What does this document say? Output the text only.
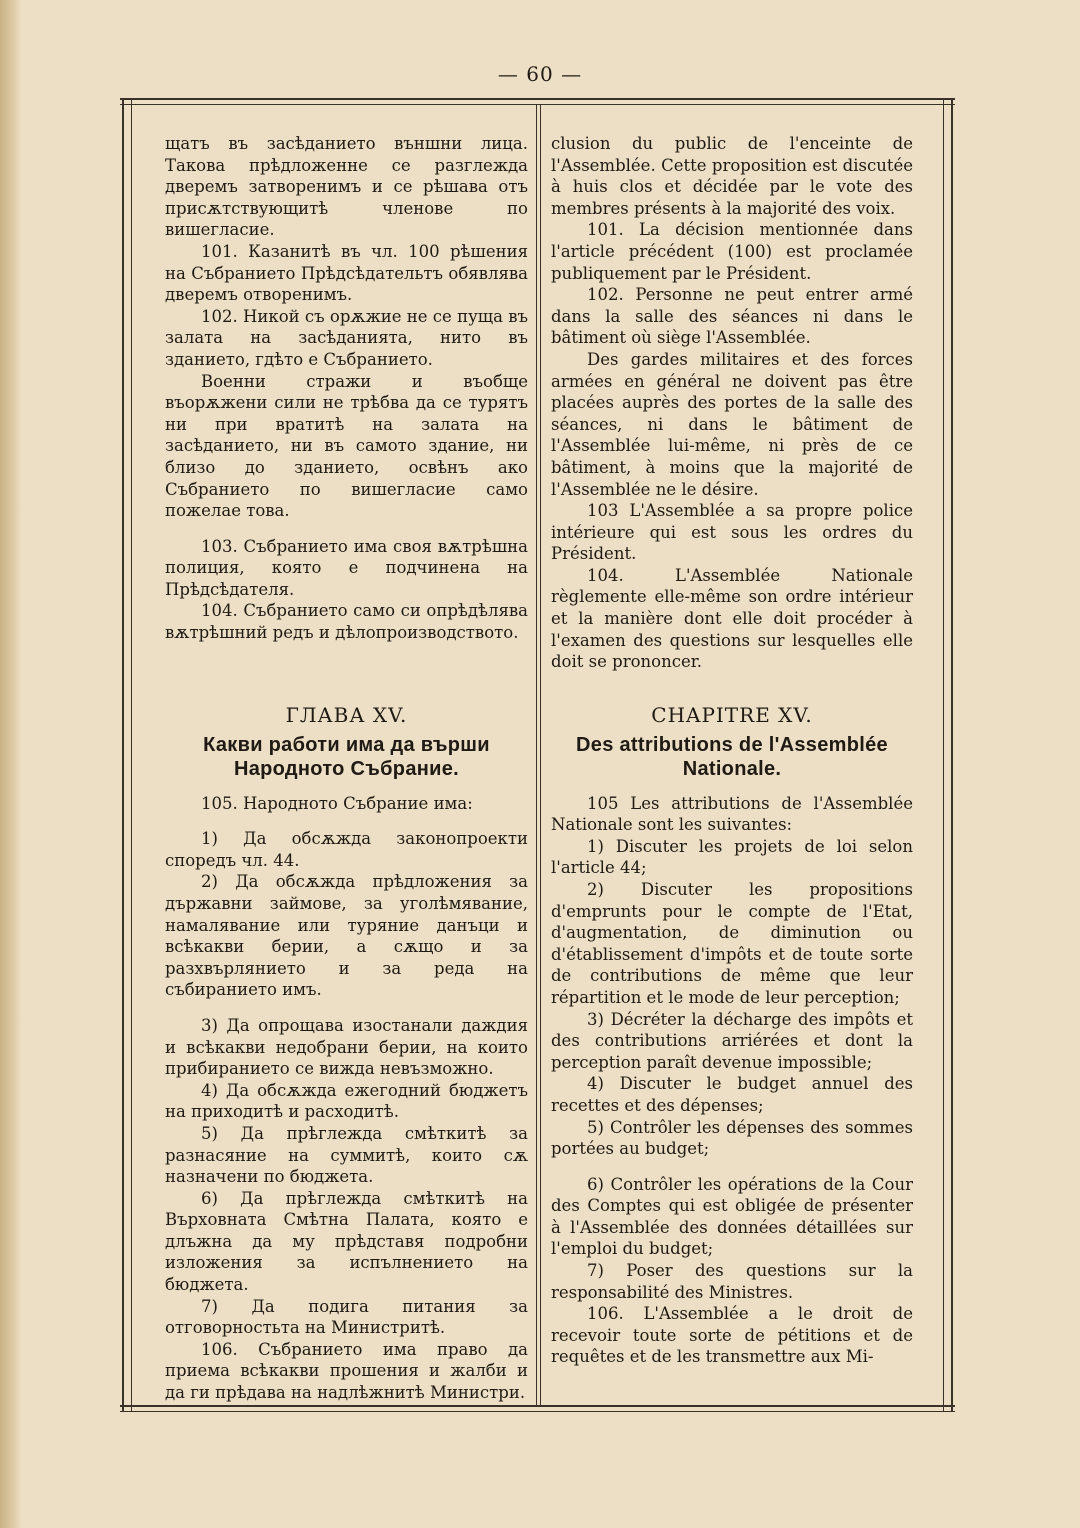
— 60 —

щатъ въ засѣданието външни лица. Такова прѣдложенне се разглежда дверемъ затворенимъ и се рѣшава отъ присѫтствующитѣ членове по вишегласие.

101. Казанитѣ въ чл. 100 рѣшения на Събранието Прѣдсѣдательтъ обявлява дверемъ отворенимъ.

102. Никой съ орѫжие не се пуща въ залата на засѣданията, нито въ зданието, гдѣто е Събранието.

Военни стражи и въобще въорѫжени сили не трѣбва да се турятъ ни при вратитѣ на залата на засѣданието, ни въ самото здание, ни близо до зданието, освѣнъ ако Събранието по вишегласие само пожелае това.

103. Събранието има своя вѫтрѣшна полиция, която е подчинена на Прѣдсѣдателя.

104. Събранието само си опрѣдѣлява вѫтрѣшний редъ и дѣлопроизводството.

clusion du public de l'enceinte de l'Assemblée. Cette proposition est discutée à huis clos et décidée par le vote des membres présents à la majorité des voix.

101. La décision mentionnée dans l'article précédent (100) est proclamée publiquement par le Président.

102. Personne ne peut entrer armé dans la salle des séances ni dans le bâtiment où siège l'Assemblée.

Des gardes militaires et des forces armées en général ne doivent pas être placées auprès des portes de la salle des séances, ni dans le bâtiment de l'Assemblée lui-même, ni près de ce bâtiment, à moins que la majorité de l'Assemblée ne le désire.

103 L'Assemblée a sa propre police intérieure qui est sous les ordres du Président.

104. L'Assemblée Nationale règlemente elle-même son ordre intérieur et la manière dont elle doit procéder à l'examen des questions sur lesquelles elle doit se prononcer.

ГЛАВА XV.
Какви работи има да върши Народното Събрание.

105. Народното Събрание има:

1) Да обсѫжда законопроекти споредъ чл. 44.

2) Да обсѫжда прѣдложения за държавни займове, за уголѣмявание, намалявание или туряние данъци и всѣкакви берии, а сѫщо и за разхвърлянието и за реда на събиранието имъ.

3) Да опрощава изостанали даждия и всѣкакви недобрани берии, на които прибиранието се вижда невъзможно.

4) Да обсѫжда ежегодний бюджетъ на приходитѣ и расходитѣ.

5) Да прѣглежда смѣткитѣ за разнасяние на суммитѣ, които сѫ назначени по бюджета.

6) Да прѣглежда смѣткитѣ на Върховната Смѣтна Палата, която е длъжна да му прѣдставя подробни изложения за испълнението на бюджета.

7) Да подига питания за отговорностьта на Министритѣ.

106. Събранието има право да приема всѣкакви прошения и жалби и да ги прѣдава на надлѣжнитѣ Министри.

CHAPITRE XV.
Des attributions de l'Assemblée Nationale.

105 Les attributions de l'Assemblée Nationale sont les suivantes:

1) Discuter les projets de loi selon l'article 44;

2) Discuter les propositions d'emprunts pour le compte de l'Etat, d'augmentation, de diminution ou d'établissement d'impôts et de toute sorte de contributions de même que leur répartition et le mode de leur perception;

3) Décréter la décharge des impôts et des contributions arriérées et dont la perception paraît devenue impossible;

4) Discuter le budget annuel des recettes et des dépenses;

5) Contrôler les dépenses des sommes portées au budget;

6) Contrôler les opérations de la Cour des Comptes qui est obligée de présenter à l'Assemblée des données détaillées sur l'emploi du budget;

7) Poser des questions sur la responsabilité des Ministres.

106. L'Assemblée a le droit de recevoir toute sorte de pétitions et de requêtes et de les transmettre aux Mi-
